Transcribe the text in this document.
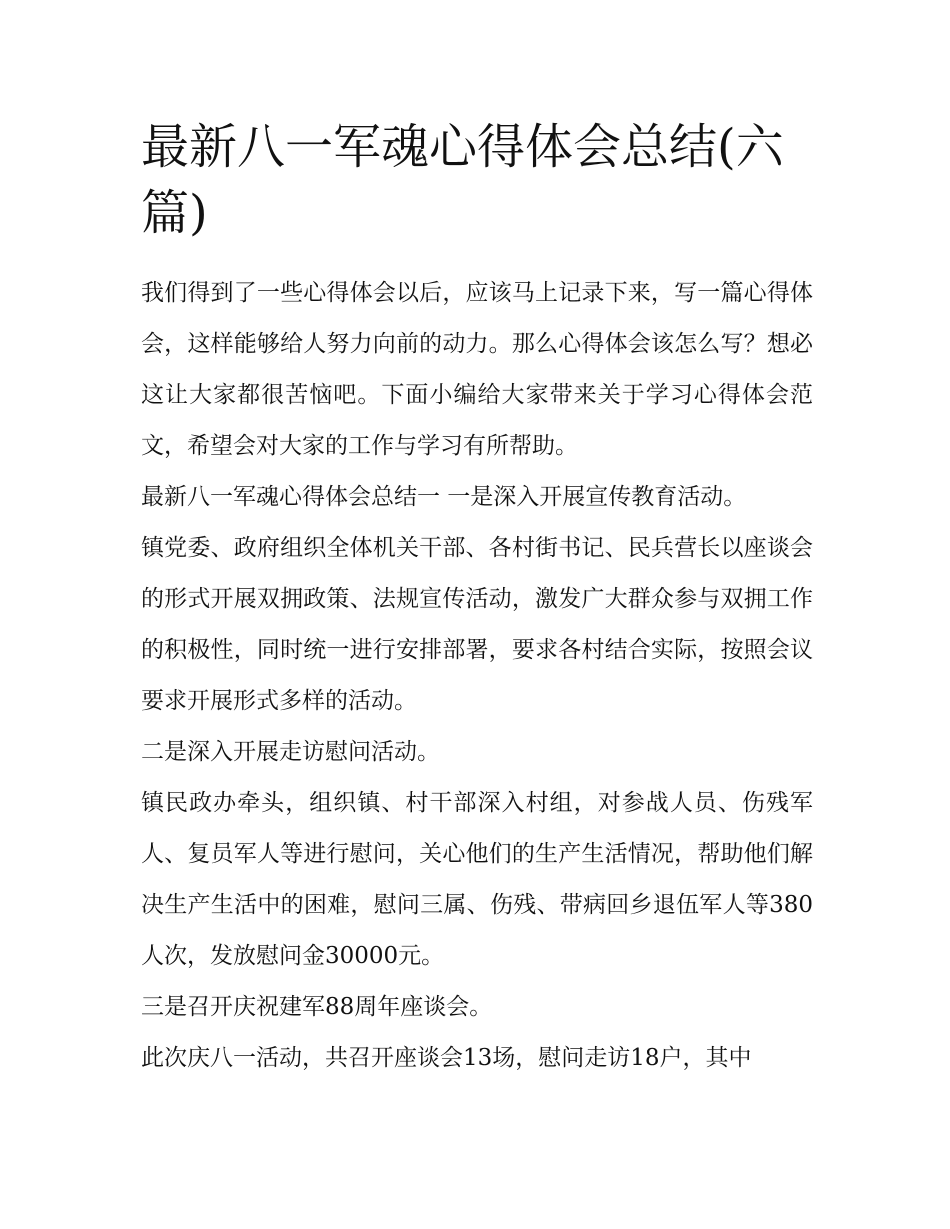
最新八一军魂心得体会总结(六篇)

我们得到了一些心得体会以后，应该马上记录下来，写一篇心得体会，这样能够给人努力向前的动力。那么心得体会该怎么写？想必这让大家都很苦恼吧。下面小编给大家带来关于学习心得体会范文，希望会对大家的工作与学习有所帮助。

最新八一军魂心得体会总结一 一是深入开展宣传教育活动。

镇党委、政府组织全体机关干部、各村街书记、民兵营长以座谈会的形式开展双拥政策、法规宣传活动，激发广大群众参与双拥工作的积极性，同时统一进行安排部署，要求各村结合实际，按照会议要求开展形式多样的活动。

二是深入开展走访慰问活动。

镇民政办牵头，组织镇、村干部深入村组，对参战人员、伤残军人、复员军人等进行慰问，关心他们的生产生活情况，帮助他们解决生产生活中的困难，慰问三属、伤残、带病回乡退伍军人等380人次，发放慰问金30000元。

三是召开庆祝建军88周年座谈会。

此次庆八一活动，共召开座谈会13场，慰问走访18户，其中
